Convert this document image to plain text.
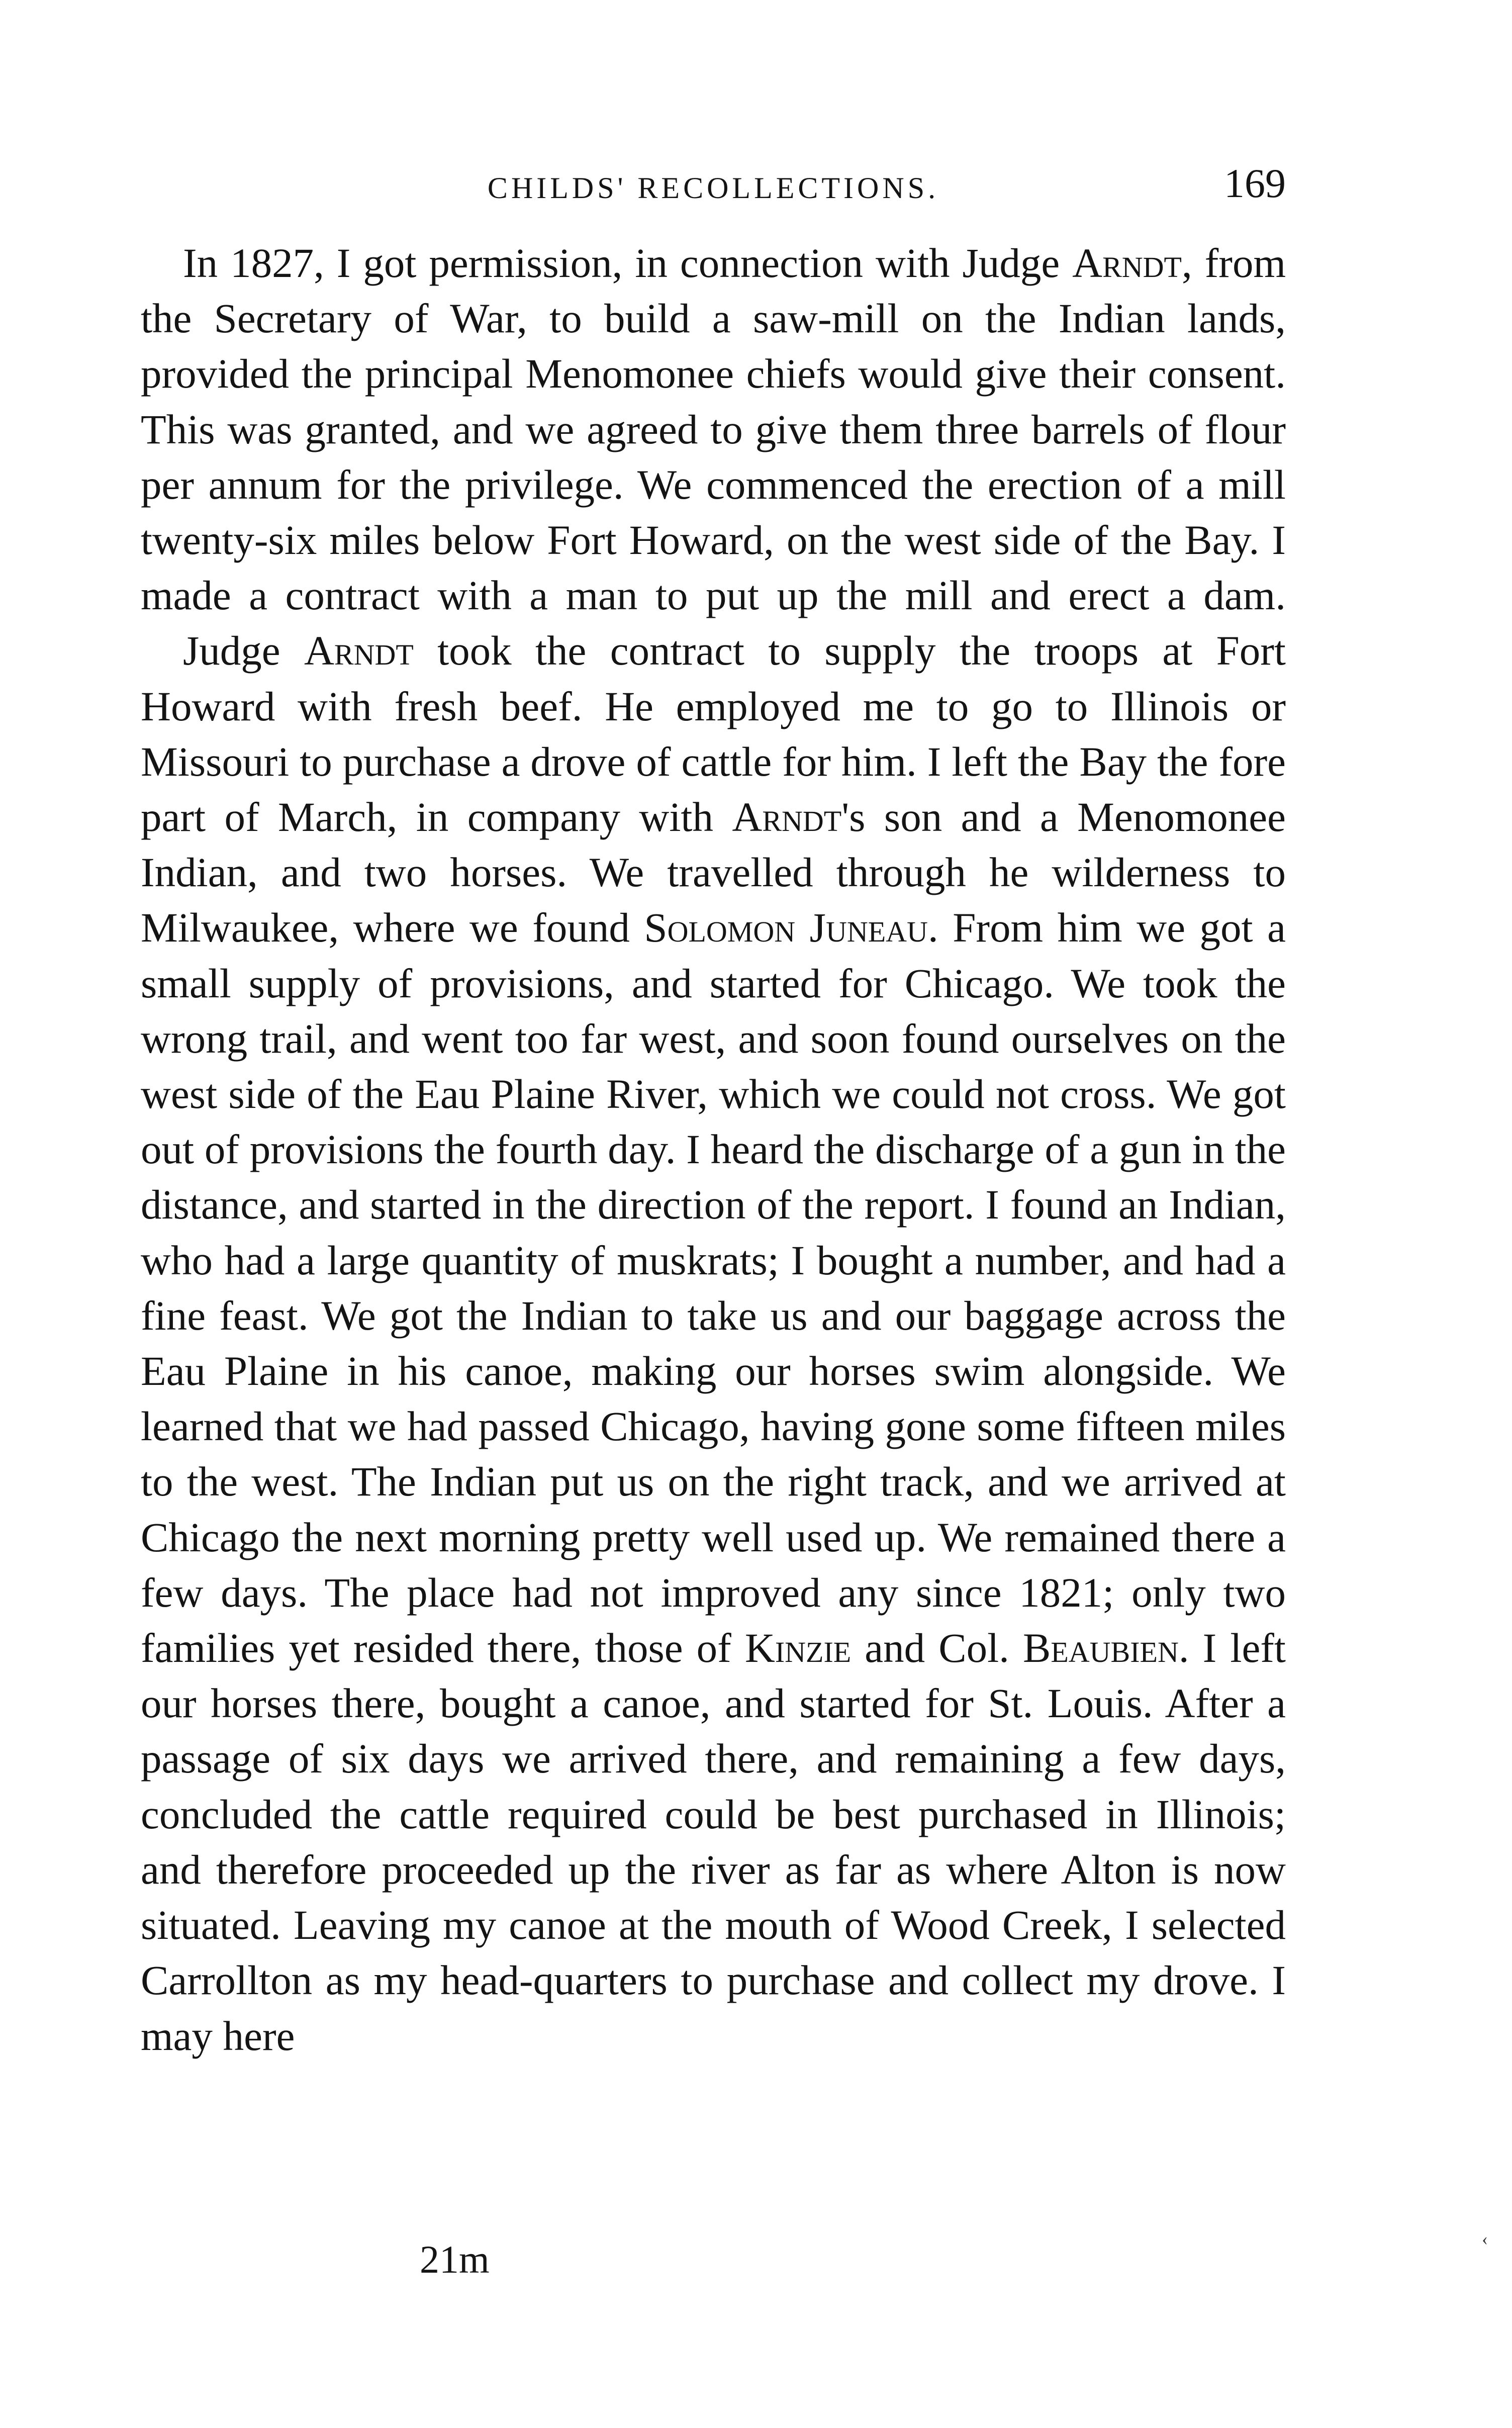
CHILDS' RECOLLECTIONS.	169

In 1827, I got permission, in connection with Judge Arndt, from the Secretary of War, to build a saw-mill on the Indian lands, provided the principal Menomonee chiefs would give their consent. This was granted, and we agreed to give them three barrels of flour per annum for the privilege. We commenced the erection of a mill twenty-six miles below Fort Howard, on the west side of the Bay. I made a contract with a man to put up the mill and erect a dam.

Judge Arndt took the contract to supply the troops at Fort Howard with fresh beef. He employed me to go to Illinois or Missouri to purchase a drove of cattle for him. I left the Bay the fore part of March, in company with Arndt's son and a Menomonee Indian, and two horses. We travelled through he wilderness to Milwaukee, where we found Solomon Juneau. From him we got a small supply of provisions, and started for Chicago. We took the wrong trail, and went too far west, and soon found ourselves on the west side of the Eau Plaine River, which we could not cross. We got out of provisions the fourth day. I heard the discharge of a gun in the distance, and started in the direction of the report. I found an Indian, who had a large quantity of muskrats; I bought a number, and had a fine feast. We got the Indian to take us and our baggage across the Eau Plaine in his canoe, making our horses swim alongside. We learned that we had passed Chicago, having gone some fifteen miles to the west. The Indian put us on the right track, and we arrived at Chicago the next morning pretty well used up. We remained there a few days. The place had not improved any since 1821; only two families yet resided there, those of Kinzie and Col. Beaubien. I left our horses there, bought a canoe, and started for St. Louis. After a passage of six days we arrived there, and remaining a few days, concluded the cattle required could be best purchased in Illinois; and therefore proceeded up the river as far as where Alton is now situated. Leaving my canoe at the mouth of Wood Creek, I selected Carrollton as my head-quarters to purchase and collect my drove. I may here

21m	‹
